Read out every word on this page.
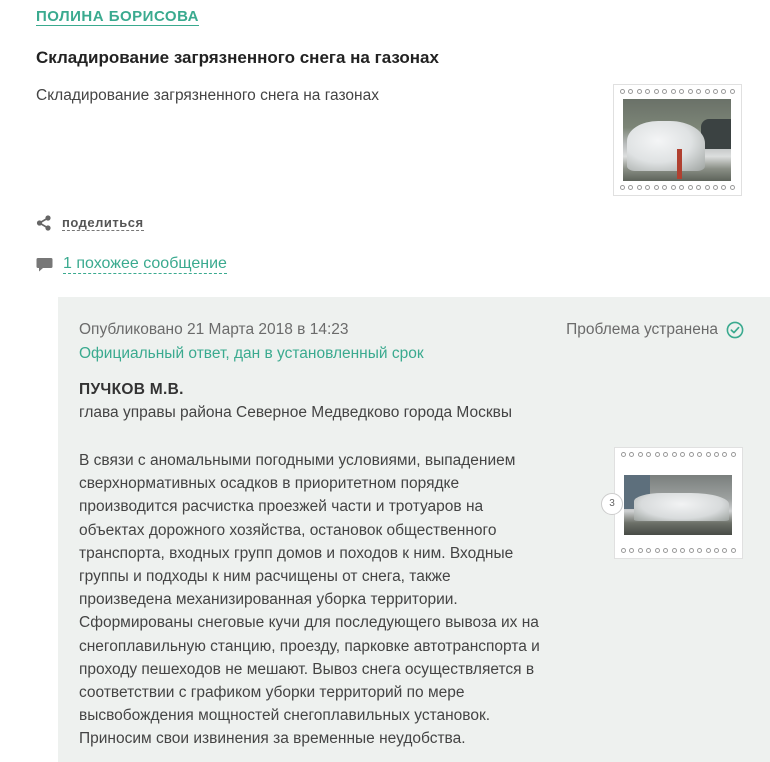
ПОЛИНА БОРИСОВА
Складирование загрязненного снега на газонах
Складирование загрязненного снега на газонах
поделиться
1 похожее сообщение
Опубликовано 21 Марта 2018 в 14:23
Официальный ответ, дан в установленный срок
Проблема устранена
ПУЧКОВ М.В.
глава управы района Северное Медведково города Москвы

В связи с аномальными погодными условиями, выпадением

сверхнормативных осадков в приоритетном порядке

производится расчистка проезжей части и тротуаров на

объектах дорожного хозяйства, остановок общественного

транспорта, входных групп домов и походов к ним. Входные

группы и подходы к ним расчищены от снега, также

произведена механизированная уборка территории.

Сформированы снеговые кучи для последующего вывоза их на

снегоплавильную станцию, проезду, парковке автотранспорта и

проходу пешеходов не мешают. Вывоз снега осуществляется в

соответствии с графиком уборки территорий по мере

высвобождения мощностей снегоплавильных установок.

Приносим свои извинения за временные неудобства.

3
